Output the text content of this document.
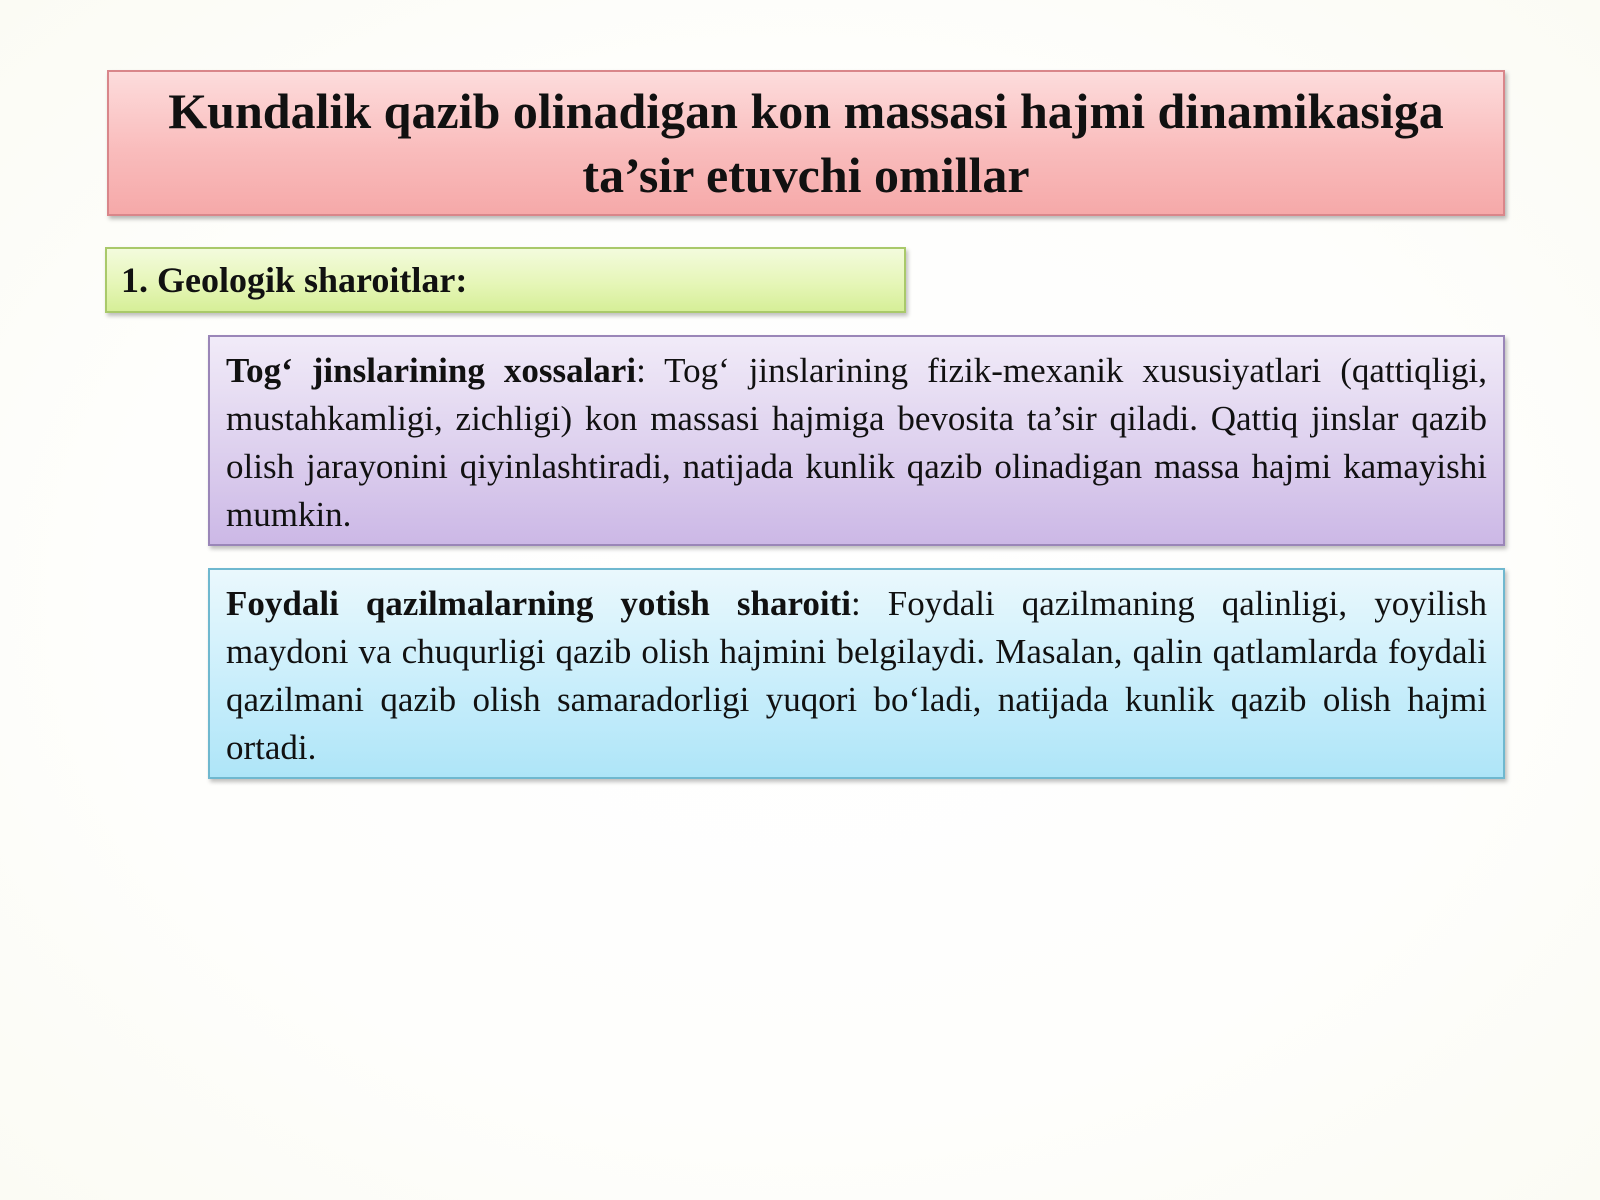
Kundalik qazib olinadigan kon massasi hajmi dinamikasiga ta’sir etuvchi omillar
1. Geologik sharoitlar:

Tog‘ jinslarining xossalari: Tog‘ jinslarining fizik-mexanik xususiyatlari (qattiqligi, mustahkamligi, zichligi) kon massasi hajmiga bevosita ta’sir qiladi. Qattiq jinslar qazib olish jarayonini qiyinlashtiradi, natijada kunlik qazib olinadigan massa hajmi kamayishi mumkin.

Foydali qazilmalarning yotish sharoiti: Foydali qazilmaning qalinligi, yoyilish maydoni va chuqurligi qazib olish hajmini belgilaydi. Masalan, qalin qatlamlarda foydali qazilmani qazib olish samaradorligi yuqori bo‘ladi, natijada kunlik qazib olish hajmi ortadi.
